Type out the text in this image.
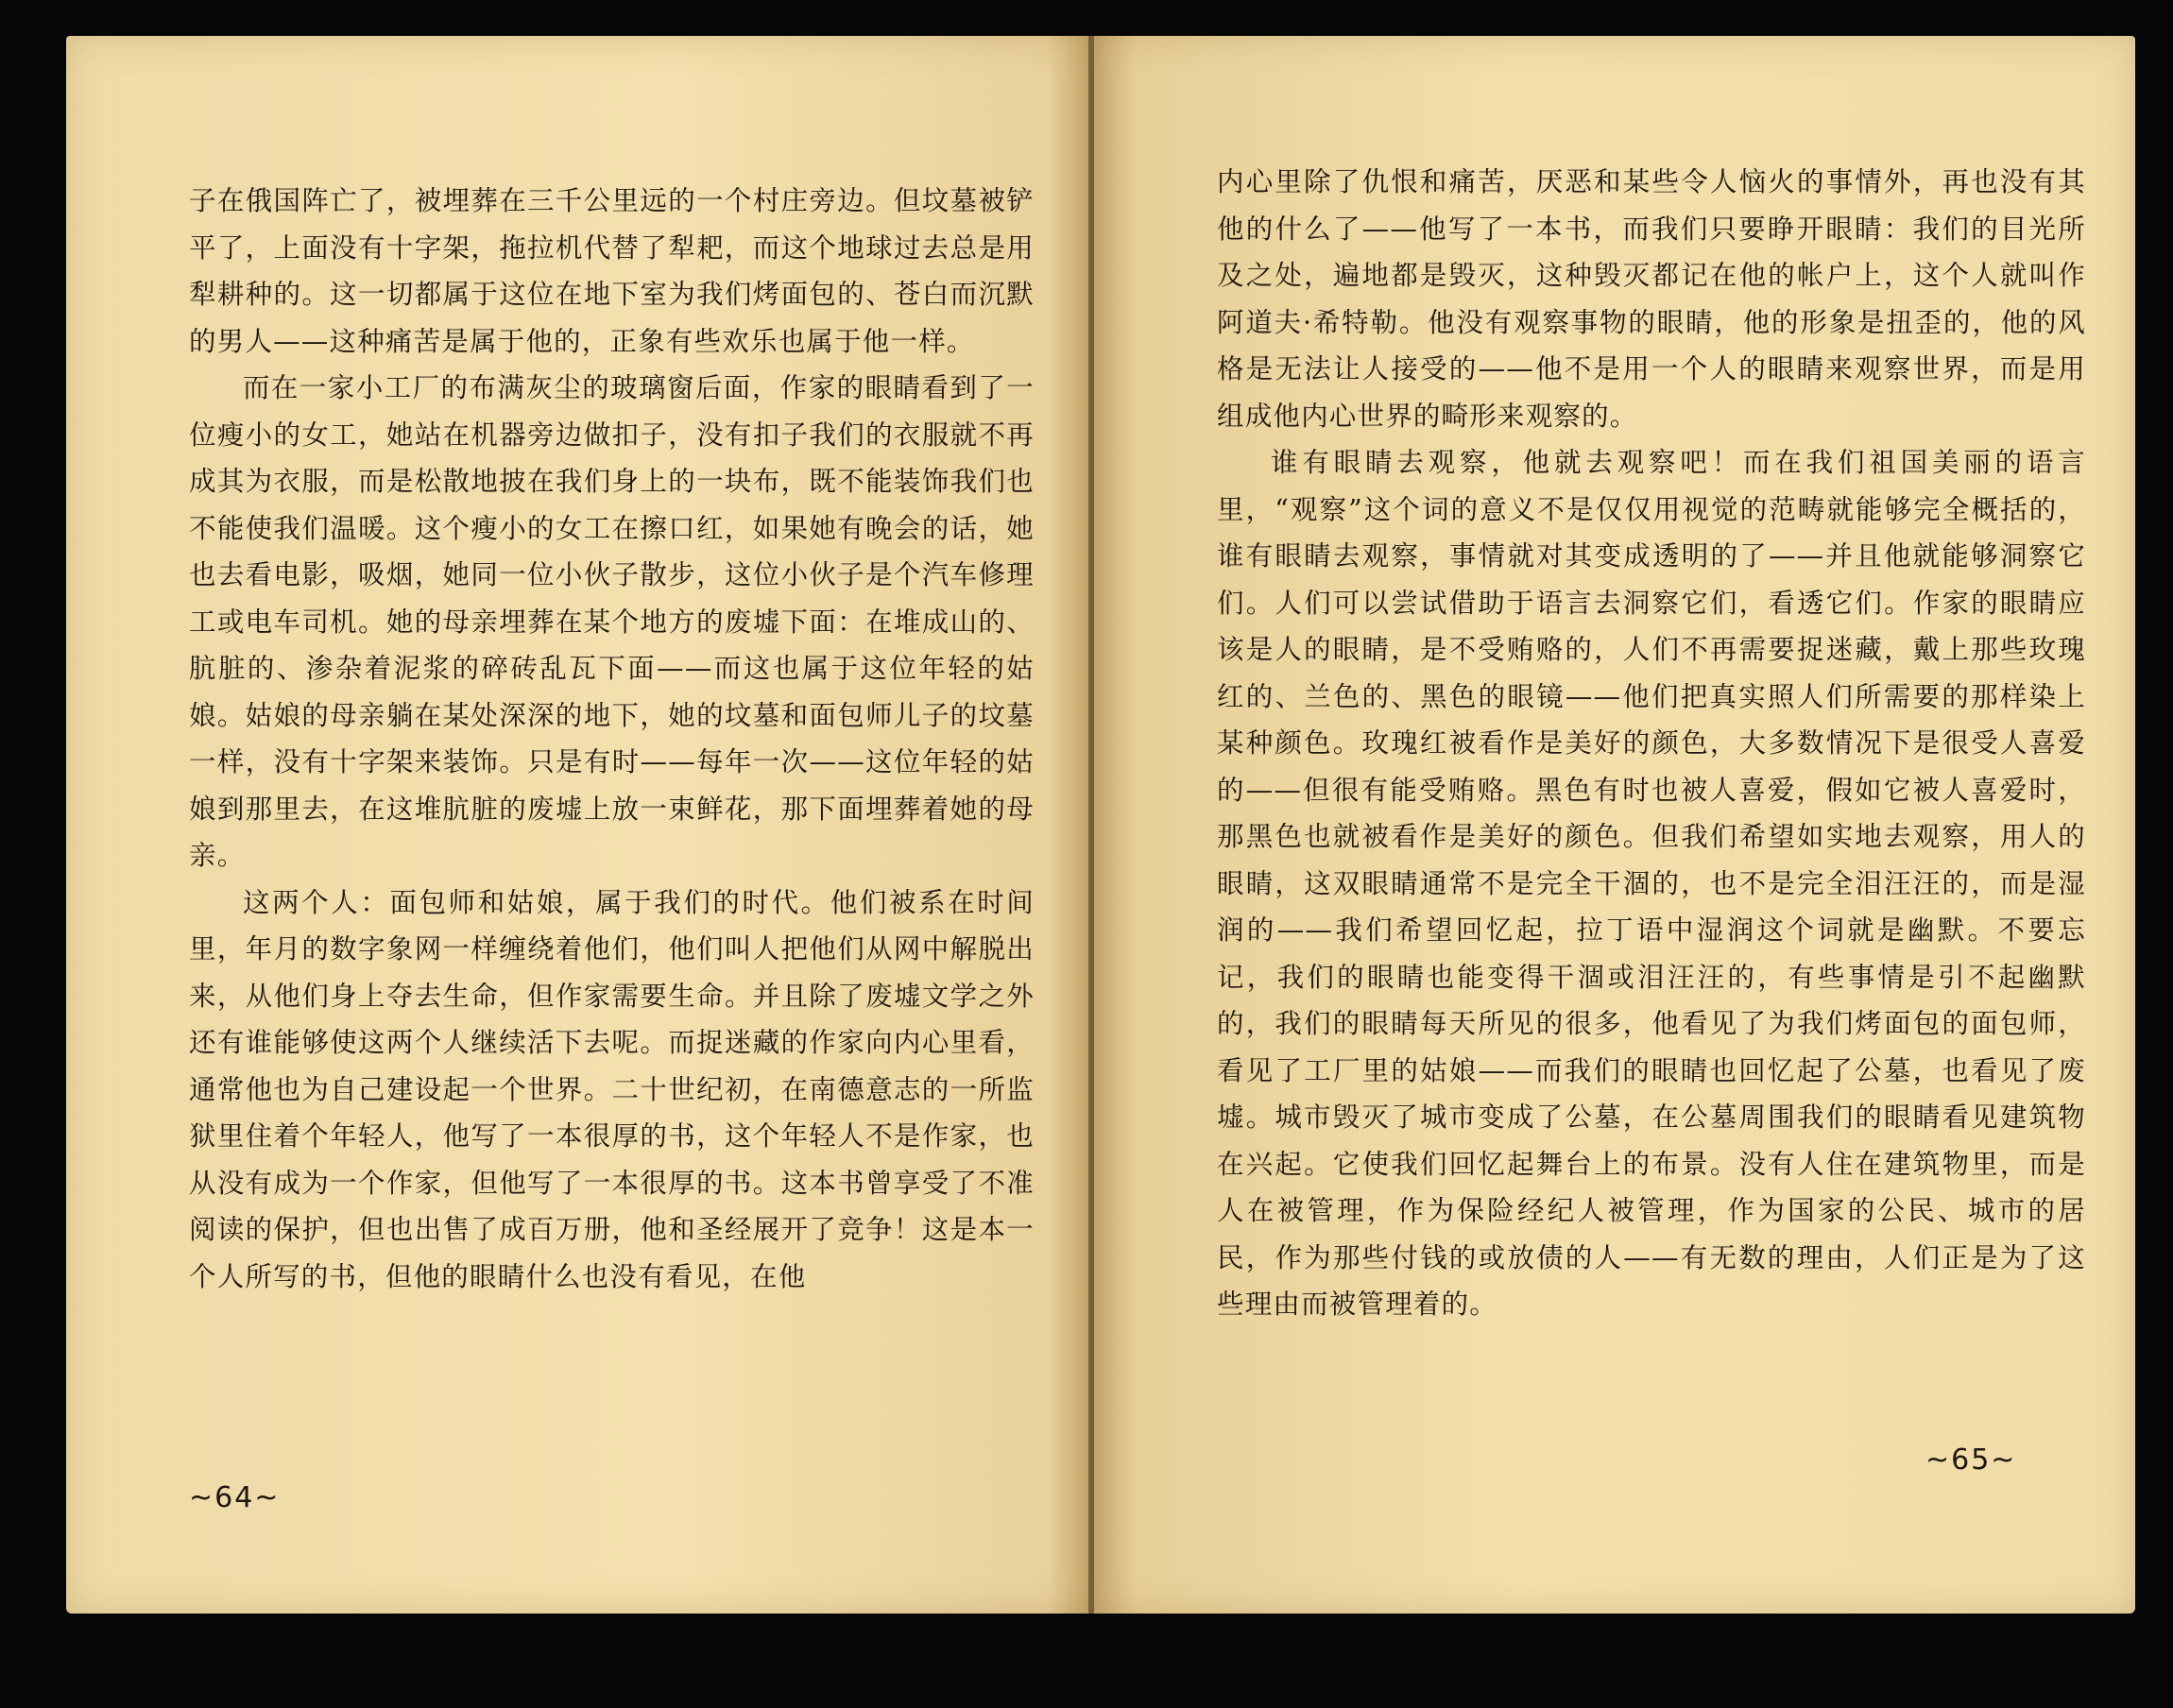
子在俄国阵亡了，被埋葬在三千公里远的一个村庄旁边。但坟墓被铲平了，上面没有十字架，拖拉机代替了犁耙，而这个地球过去总是用犁耕种的。这一切都属于这位在地下室为我们烤面包的、苍白而沉默的男人——这种痛苦是属于他的，正象有些欢乐也属于他一样。

而在一家小工厂的布满灰尘的玻璃窗后面，作家的眼睛看到了一位瘦小的女工，她站在机器旁边做扣子，没有扣子我们的衣服就不再成其为衣服，而是松散地披在我们身上的一块布，既不能装饰我们也不能使我们温暖。这个瘦小的女工在擦口红，如果她有晚会的话，她也去看电影，吸烟，她同一位小伙子散步，这位小伙子是个汽车修理工或电车司机。她的母亲埋葬在某个地方的废墟下面：在堆成山的、肮脏的、渗杂着泥浆的碎砖乱瓦下面——而这也属于这位年轻的姑娘。姑娘的母亲躺在某处深深的地下，她的坟墓和面包师儿子的坟墓一样，没有十字架来装饰。只是有时——每年一次——这位年轻的姑娘到那里去，在这堆肮脏的废墟上放一束鲜花，那下面埋葬着她的母亲。

这两个人：面包师和姑娘，属于我们的时代。他们被系在时间里，年月的数字象网一样缠绕着他们，他们叫人把他们从网中解脱出来，从他们身上夺去生命，但作家需要生命。并且除了废墟文学之外还有谁能够使这两个人继续活下去呢。而捉迷藏的作家向内心里看，通常他也为自己建设起一个世界。二十世纪初，在南德意志的一所监狱里住着个年轻人，他写了一本很厚的书，这个年轻人不是作家，也从没有成为一个作家，但他写了一本很厚的书。这本书曾享受了不准阅读的保护，但也出售了成百万册，他和圣经展开了竞争！这是本一个人所写的书，但他的眼睛什么也没有看见，在他

~64~

内心里除了仇恨和痛苦，厌恶和某些令人恼火的事情外，再也没有其他的什么了——他写了一本书，而我们只要睁开眼睛：我们的目光所及之处，遍地都是毁灭，这种毁灭都记在他的帐户上，这个人就叫作阿道夫·希特勒。他没有观察事物的眼睛，他的形象是扭歪的，他的风格是无法让人接受的——他不是用一个人的眼睛来观察世界，而是用组成他内心世界的畸形来观察的。

谁有眼睛去观察，他就去观察吧！而在我们祖国美丽的语言里，“观察”这个词的意义不是仅仅用视觉的范畴就能够完全概括的，谁有眼睛去观察，事情就对其变成透明的了——并且他就能够洞察它们。人们可以尝试借助于语言去洞察它们，看透它们。作家的眼睛应该是人的眼睛，是不受贿赂的，人们不再需要捉迷藏，戴上那些玫瑰红的、兰色的、黑色的眼镜——他们把真实照人们所需要的那样染上某种颜色。玫瑰红被看作是美好的颜色，大多数情况下是很受人喜爱的——但很有能受贿赂。黑色有时也被人喜爱，假如它被人喜爱时，那黑色也就被看作是美好的颜色。但我们希望如实地去观察，用人的眼睛，这双眼睛通常不是完全干涸的，也不是完全泪汪汪的，而是湿润的——我们希望回忆起，拉丁语中湿润这个词就是幽默。不要忘记，我们的眼睛也能变得干涸或泪汪汪的，有些事情是引不起幽默的，我们的眼睛每天所见的很多，他看见了为我们烤面包的面包师，看见了工厂里的姑娘——而我们的眼睛也回忆起了公墓，也看见了废墟。城市毁灭了城市变成了公墓，在公墓周围我们的眼睛看见建筑物在兴起。它使我们回忆起舞台上的布景。没有人住在建筑物里，而是人在被管理，作为保险经纪人被管理，作为国家的公民、城市的居民，作为那些付钱的或放债的人——有无数的理由，人们正是为了这些理由而被管理着的。

~65~
